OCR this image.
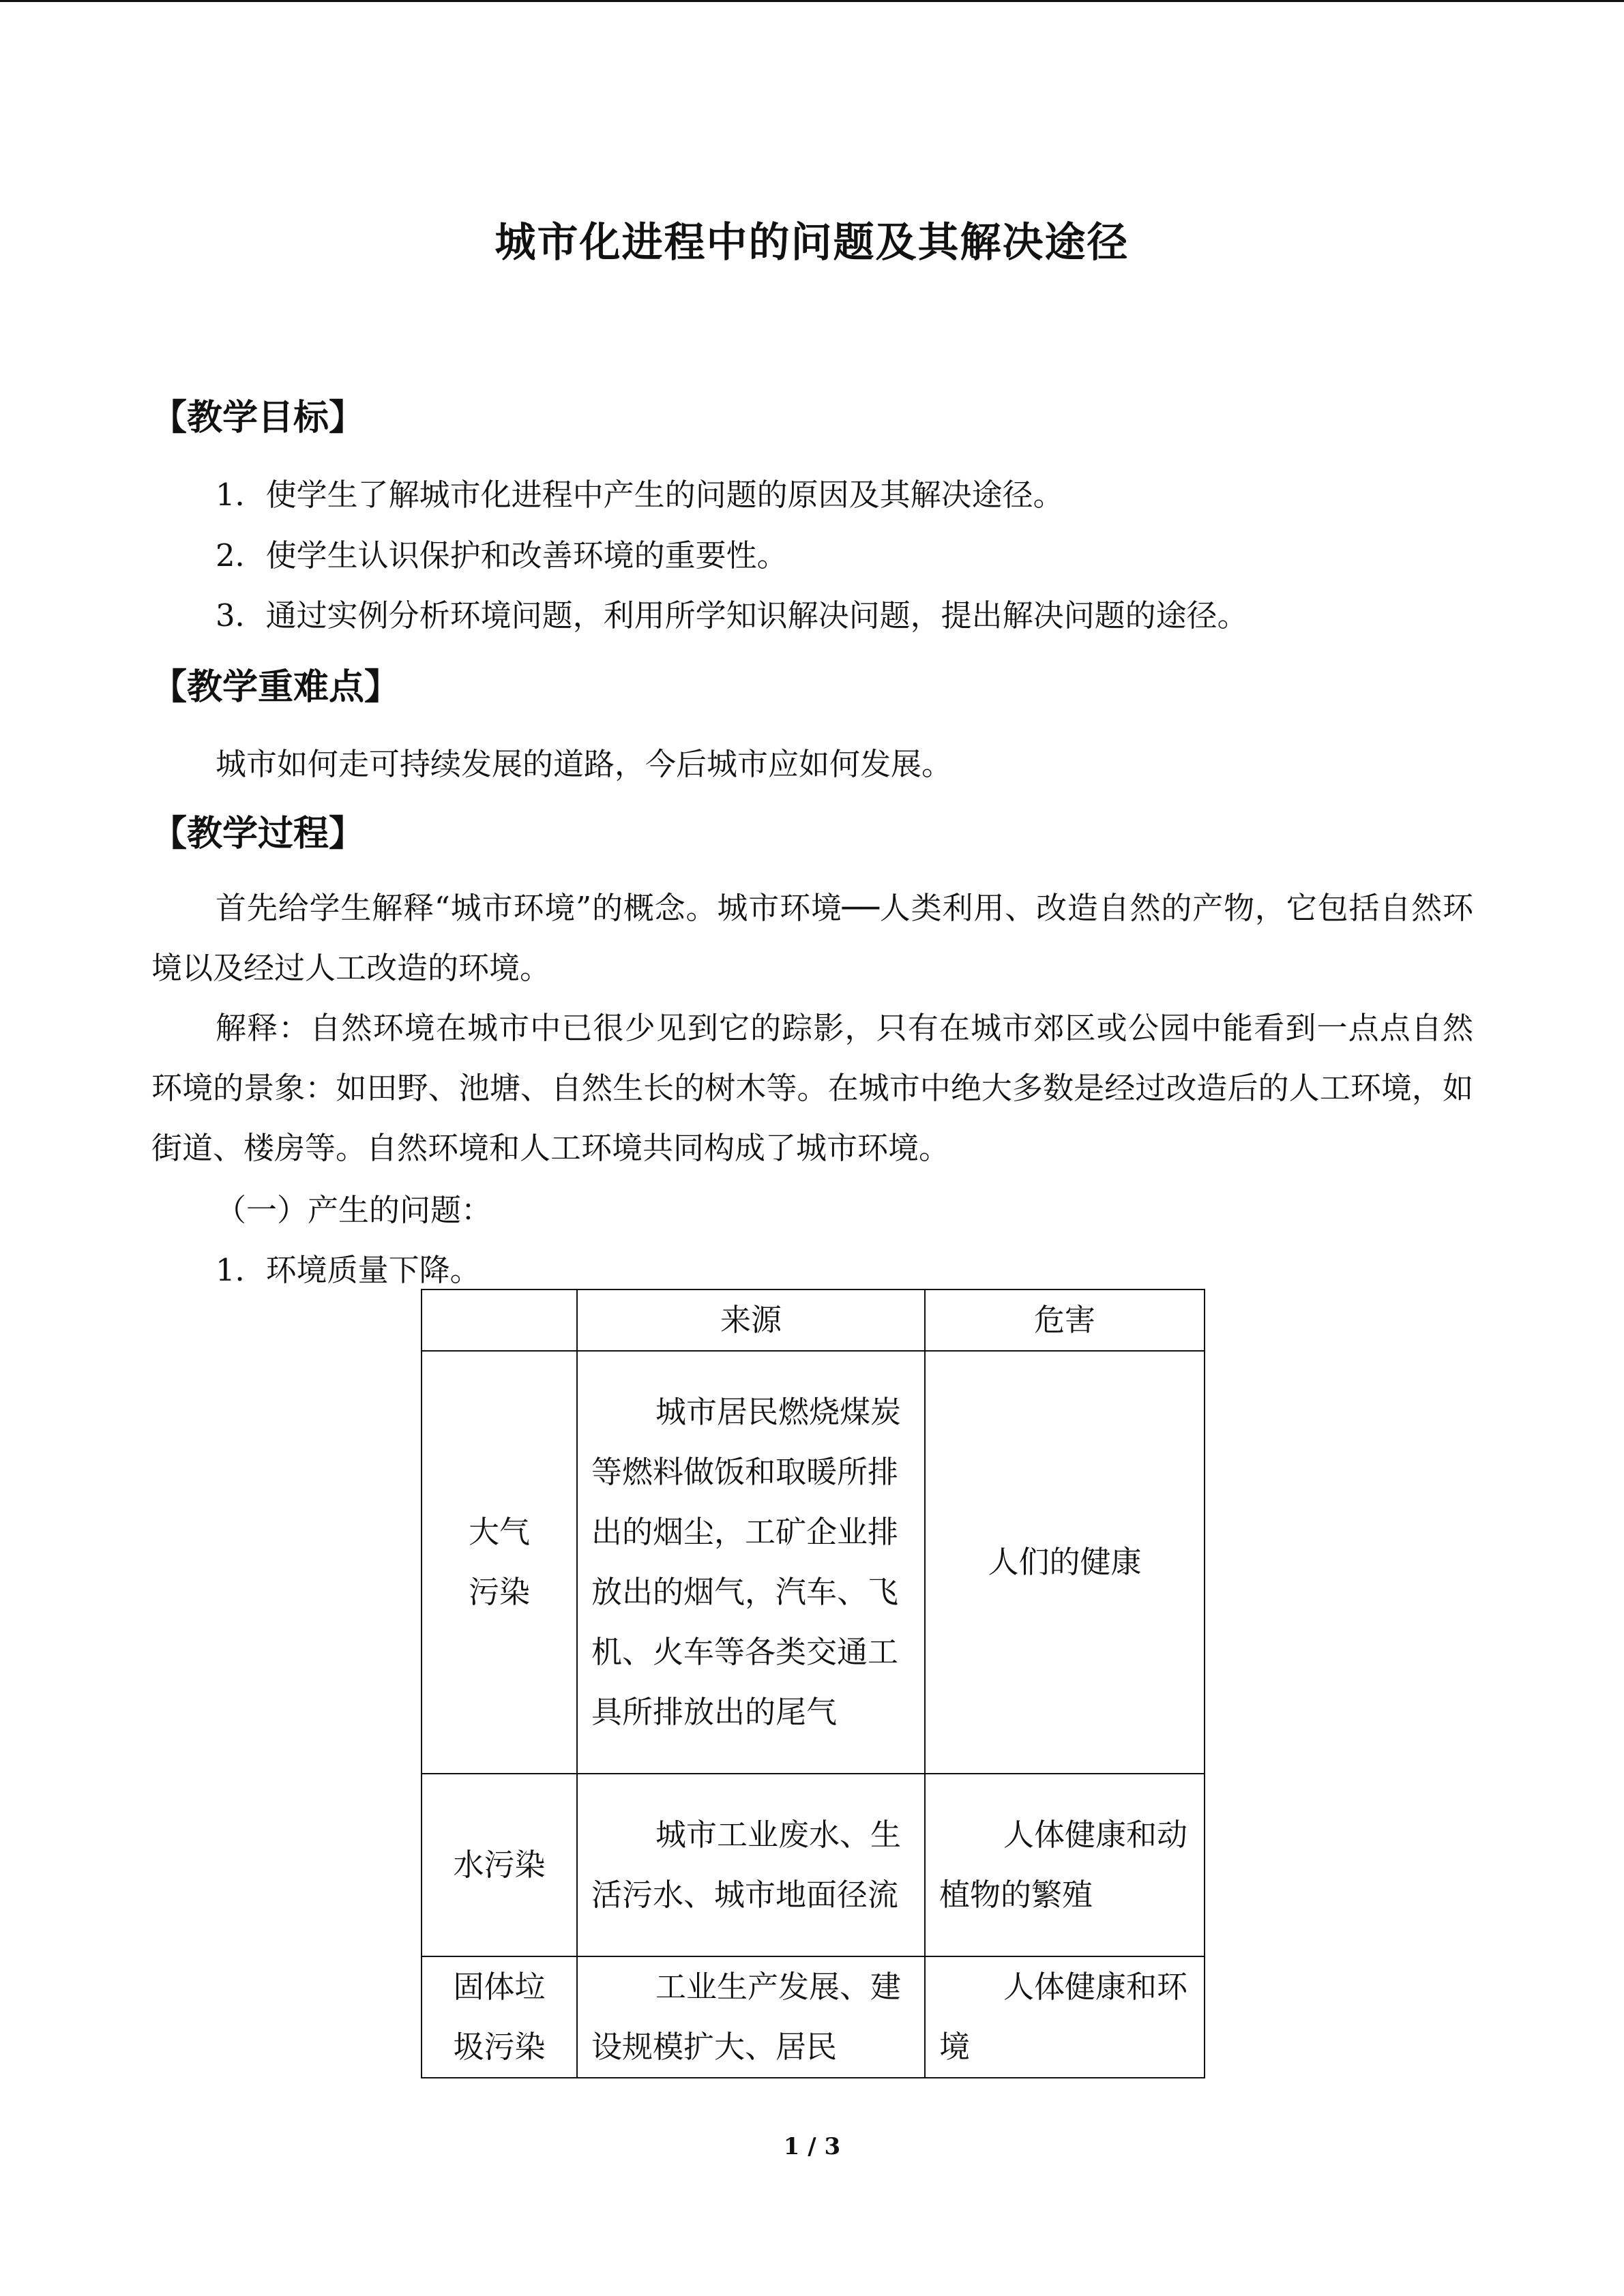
城市化进程中的问题及其解决途径
【教学目标】
1．使学生了解城市化进程中产生的问题的原因及其解决途径。
2．使学生认识保护和改善环境的重要性。
3．通过实例分析环境问题，利用所学知识解决问题，提出解决问题的途径。
【教学重难点】
城市如何走可持续发展的道路，今后城市应如何发展。
【教学过程】
首先给学生解释“城市环境”的概念。城市环境──人类利用、改造自然的产物，它包括自然环境以及经过人工改造的环境。
解释：自然环境在城市中已很少见到它的踪影，只有在城市郊区或公园中能看到一点点自然环境的景象：如田野、池塘、自然生长的树木等。在城市中绝大多数是经过改造后的人工环境，如街道、楼房等。自然环境和人工环境共同构成了城市环境。
（一）产生的问题：
1．环境质量下降。
	来源	危害

大气污染	城市居民燃烧煤炭等燃料做饭和取暖所排出的烟尘，工矿企业排放出的烟气，汽车、飞机、火车等各类交通工具所排放出的尾气	人们的健康
水污染	城市工业废水、生活污水、城市地面径流	人体健康和动植物的繁殖

固体垃圾污染	工业生产发展、建设规模扩大、居民	人体健康和环境
1 / 3
